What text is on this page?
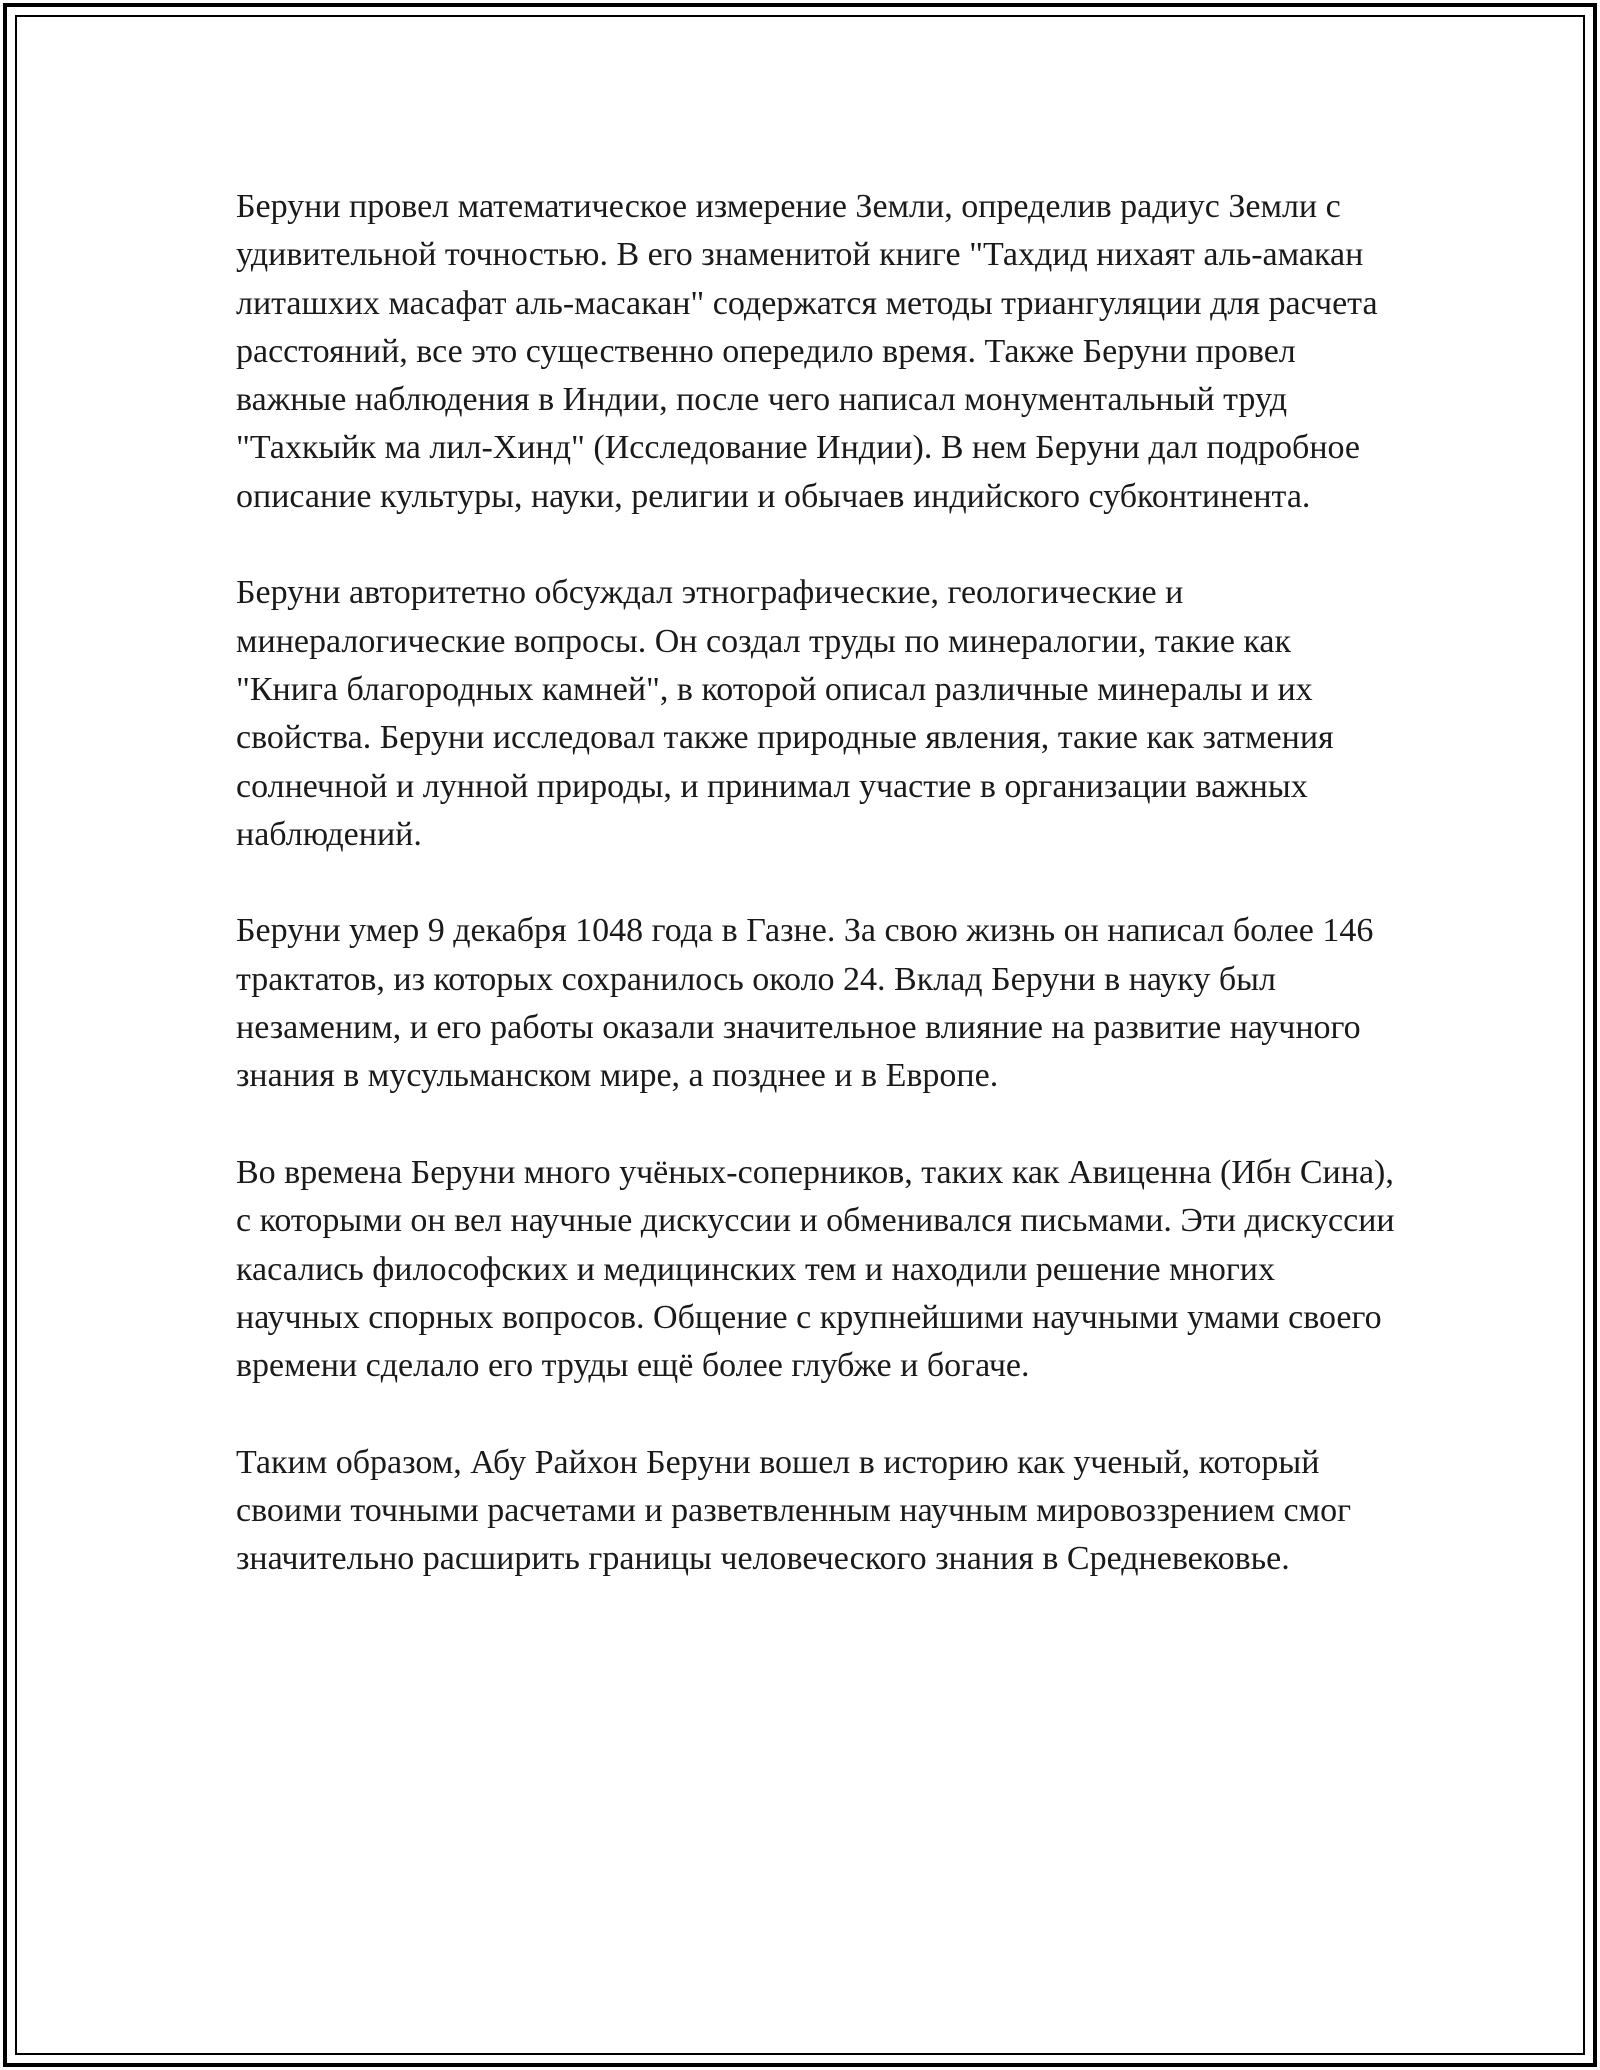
Беруни провел математическое измерение Земли, определив радиус Земли с удивительной точностью. В его знаменитой книге "Тахдид нихаят аль-амакан литашхих масафат аль-масакан" содержатся методы триангуляции для расчета расстояний, все это существенно опередило время. Также Беруни провел важные наблюдения в Индии, после чего написал монументальный труд "Тахкыйк ма лил-Хинд" (Исследование Индии). В нем Беруни дал подробное описание культуры, науки, религии и обычаев индийского субконтинента.

Беруни авторитетно обсуждал этнографические, геологические и минералогические вопросы. Он создал труды по минералогии, такие как "Книга благородных камней", в которой описал различные минералы и их свойства. Беруни исследовал также природные явления, такие как затмения солнечной и лунной природы, и принимал участие в организации важных наблюдений.

Беруни умер 9 декабря 1048 года в Газне. За свою жизнь он написал более 146 трактатов, из которых сохранилось около 24. Вклад Беруни в науку был незаменим, и его работы оказали значительное влияние на развитие научного знания в мусульманском мире, а позднее и в Европе.

Во времена Беруни много учёных-соперников, таких как Авиценна (Ибн Сина), с которыми он вел научные дискуссии и обменивался письмами. Эти дискуссии касались философских и медицинских тем и находили решение многих научных спорных вопросов. Общение с крупнейшими научными умами своего времени сделало его труды ещё более глубже и богаче.

Таким образом, Абу Райхон Беруни вошел в историю как ученый, который своими точными расчетами и разветвленным научным мировоззрением смог значительно расширить границы человеческого знания в Средневековье.
